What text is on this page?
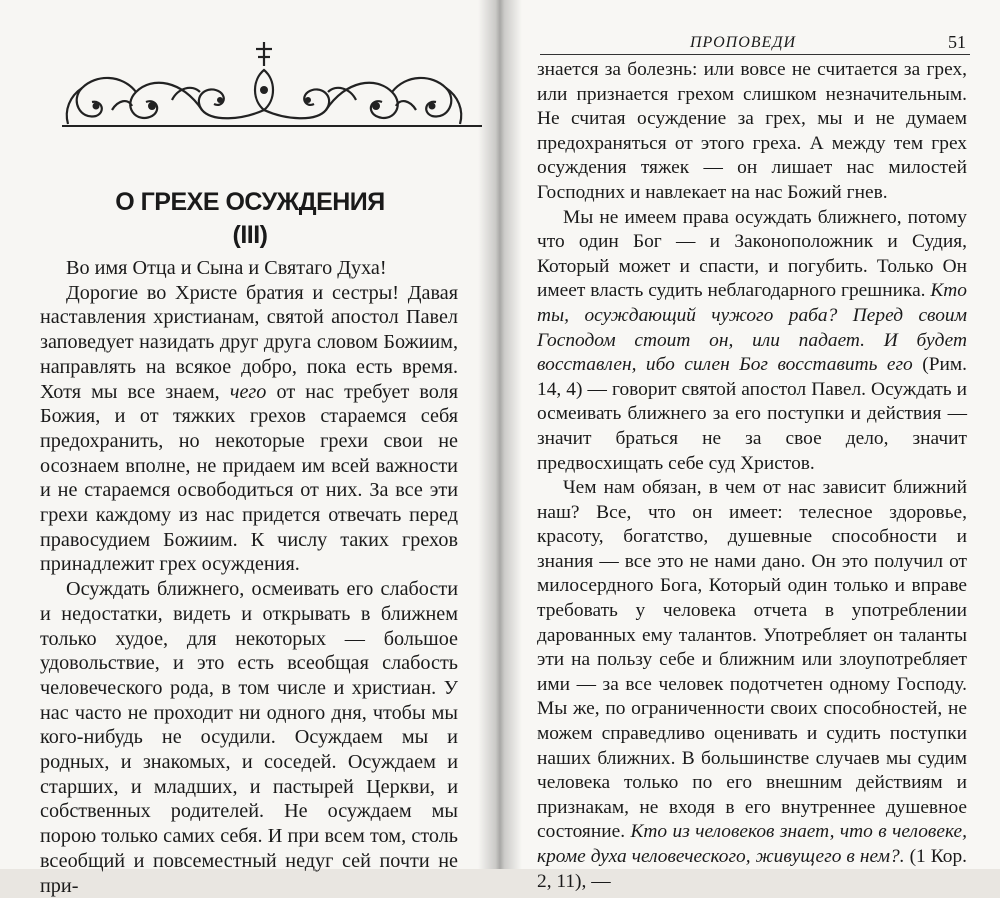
О ГРЕХЕ ОСУЖДЕНИЯ
(III)

Во имя Отца и Сына и Святаго Духа!

Дорогие во Христе братия и сестры! Давая наставления христианам, святой апостол Павел заповедует назидать друг друга словом Божиим, направлять на всякое добро, пока есть время. Хотя мы все знаем, чего от нас требует воля Божия, и от тяжких грехов стараемся себя предохранить, но некоторые грехи свои не осознаем вполне, не придаем им всей важности и не стараемся освободиться от них. За все эти грехи каждому из нас придется отвечать перед правосудием Божиим. К числу таких грехов принадлежит грех осуждения.

Осуждать ближнего, осмеивать его слабости и недостатки, видеть и открывать в ближнем только худое, для некоторых — большое удовольствие, и это есть всеобщая слабость человеческого рода, в том числе и христиан. У нас часто не проходит ни одного дня, чтобы мы кого-нибудь не осудили. Осуждаем мы и родных, и знакомых, и соседей. Осуждаем и старших, и младших, и пастырей Церкви, и собственных родителей. Не осуждаем мы порою только самих себя. И при всем том, столь всеобщий и повсеместный недуг сей почти не при-

ПРОПОВЕДИ	51

знается за болезнь: или вовсе не считается за грех, или признается грехом слишком незначительным. Не считая осуждение за грех, мы и не думаем предохраняться от этого греха. А между тем грех осуждения тяжек — он лишает нас милостей Господних и навлекает на нас Божий гнев.

Мы не имеем права осуждать ближнего, потому что один Бог — и Законоположник и Судия, Который может и спасти, и погубить. Только Он имеет власть судить неблагодарного грешника. Кто ты, осуждающий чужого раба? Перед своим Господом стоит он, или падает. И будет восставлен, ибо силен Бог восставить его (Рим. 14, 4) — говорит святой апостол Павел. Осуждать и осмеивать ближнего за его поступки и действия — значит браться не за свое дело, значит предвосхищать себе суд Христов.

Чем нам обязан, в чем от нас зависит ближний наш? Все, что он имеет: телесное здоровье, красоту, богатство, душевные способности и знания — все это не нами дано. Он это получил от милосердного Бога, Который один только и вправе требовать у человека отчета в употреблении дарованных ему талантов. Употребляет он таланты эти на пользу себе и ближним или злоупотребляет ими — за все человек подотчетен одному Господу. Мы же, по ограниченности своих способностей, не можем справедливо оценивать и судить поступки наших ближних. В большинстве случаев мы судим человека только по его внешним действиям и признакам, не входя в его внутреннее душевное состояние. Кто из человеков знает, что в человеке, кроме духа человеческого, живущего в нем?. (1 Кор. 2, 11), —
